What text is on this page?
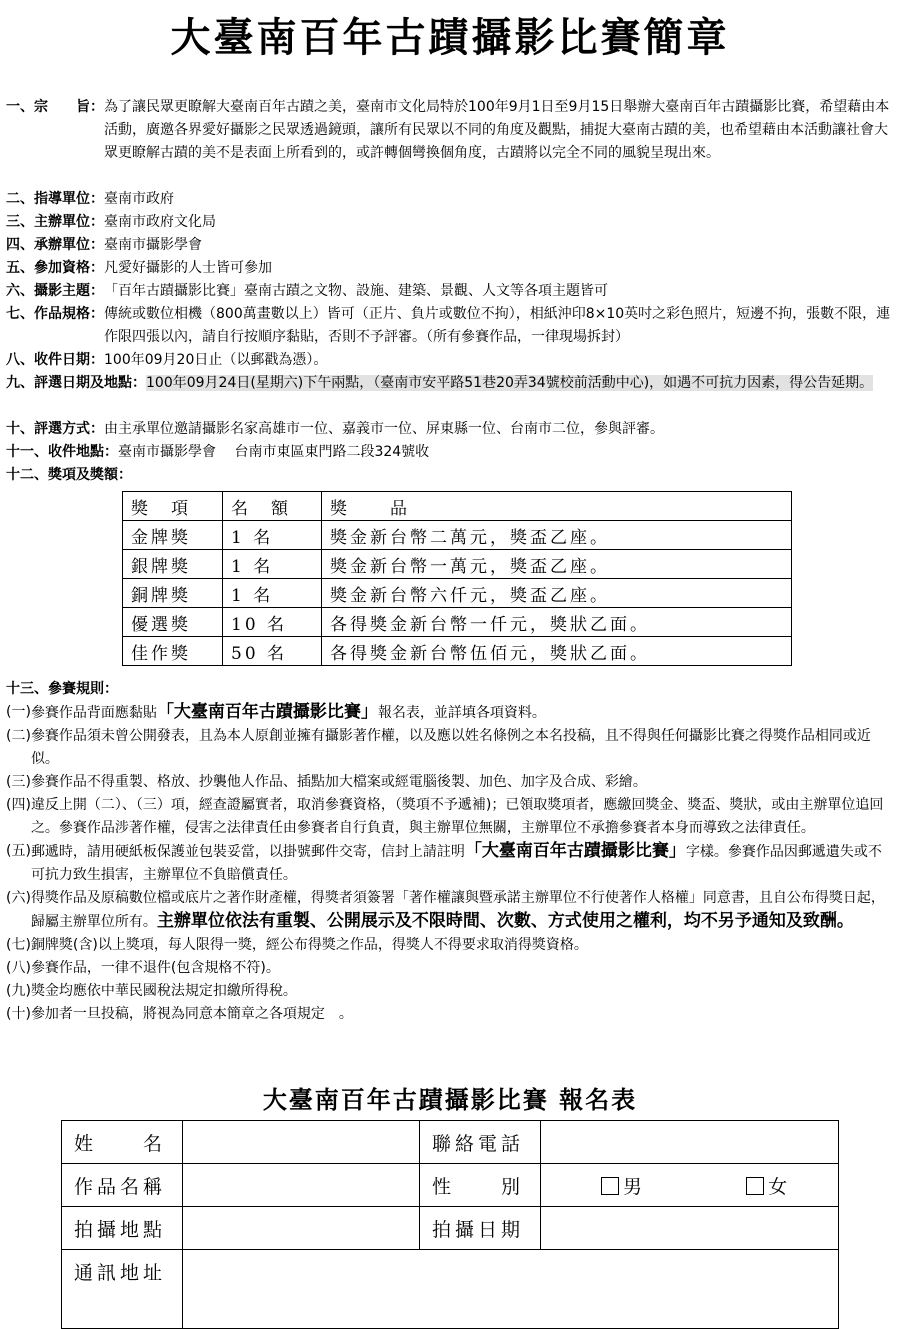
大臺南百年古蹟攝影比賽簡章
一、宗　　旨： 為了讓民眾更瞭解大臺南百年古蹟之美，臺南市文化局特於100年9月1日至9月15日舉辦大臺南百年古蹟攝影比賽，希望藉由本活動，廣邀各界愛好攝影之民眾透過鏡頭，讓所有民眾以不同的角度及觀點，捕捉大臺南古蹟的美，也希望藉由本活動讓社會大眾更瞭解古蹟的美不是表面上所看到的，或許轉個彎換個角度，古蹟將以完全不同的風貌呈現出來。
二、指導單位： 臺南市政府
三、主辦單位： 臺南市政府文化局
四、承辦單位： 臺南市攝影學會
五、參加資格： 凡愛好攝影的人士皆可參加
六、攝影主題： 「百年古蹟攝影比賽」臺南古蹟之文物、設施、建築、景觀、人文等各項主題皆可
七、作品規格： 傳統或數位相機（800萬畫數以上）皆可（正片、負片或數位不拘），相紙沖印8×10英吋之彩色照片，短邊不拘，張數不限，連作限四張以內，請自行按順序黏貼，否則不予評審。（所有參賽作品，一律現場拆封）
八、收件日期： 100年09月20日止（以郵戳為憑）。
九、評選日期及地點： 100年09月24日(星期六)下午兩點，（臺南市安平路51巷20弄34號校前活動中心)，如遇不可抗力因素，得公告延期。
十、評選方式： 由主承單位邀請攝影名家高雄市一位、嘉義市一位、屏東縣一位、台南市二位，參與評審。
十一、收件地點： 臺南市攝影學會　 台南市東區東門路二段324號收
十二、獎項及獎額：
獎　項	名　額	獎　　品
金牌獎	1 名	獎金新台幣二萬元，獎盃乙座。
銀牌獎	1 名	獎金新台幣一萬元，獎盃乙座。
銅牌獎	1 名	獎金新台幣六仟元，獎盃乙座。
優選獎	10 名	各得獎金新台幣一仟元，獎狀乙面。
佳作獎	50 名	各得獎金新台幣伍佰元，獎狀乙面。
十三、參賽規則：
(一) 參賽作品背面應黏貼「大臺南百年古蹟攝影比賽」報名表，並詳填各項資料。
(二) 參賽作品須未曾公開發表，且為本人原創並擁有攝影著作權，以及應以姓名條例之本名投稿，且不得與任何攝影比賽之得獎作品相同或近似。
(三) 參賽作品不得重製、格放、抄襲他人作品、插點加大檔案或經電腦後製、加色、加字及合成、彩繪。
(四) 違反上開（二）、（三）項，經查證屬實者，取消參賽資格，（獎項不予遞補)；已領取獎項者，應繳回獎金、獎盃、獎狀，或由主辦單位追回之。參賽作品涉著作權，侵害之法律責任由參賽者自行負責，與主辦單位無關，主辦單位不承擔參賽者本身而導致之法律責任。
(五) 郵遞時，請用硬紙板保護並包裝妥當，以掛號郵件交寄，信封上請註明「大臺南百年古蹟攝影比賽」字樣。參賽作品因郵遞遺失或不可抗力致生損害，主辦單位不負賠償責任。
(六) 得獎作品及原稿數位檔或底片之著作財產權，得獎者須簽署「著作權讓與暨承諾主辦單位不行使著作人格權」同意書，且自公布得獎日起，歸屬主辦單位所有。主辦單位依法有重製、公開展示及不限時間、次數、方式使用之權利，均不另予通知及致酬。
(七) 銅牌獎(含)以上獎項，每人限得一獎，經公布得獎之作品，得獎人不得要求取消得獎資格。
(八) 參賽作品，一律不退件(包含規格不符)。
(九) 獎金均應依中華民國稅法規定扣繳所得稅。
(十) 參加者一旦投稿，將視為同意本簡章之各項規定　。
大臺南百年古蹟攝影比賽 報名表
姓　　名		聯絡電話	
作品名稱		性　　別	男 女
拍攝地點		拍攝日期	
通訊地址			
